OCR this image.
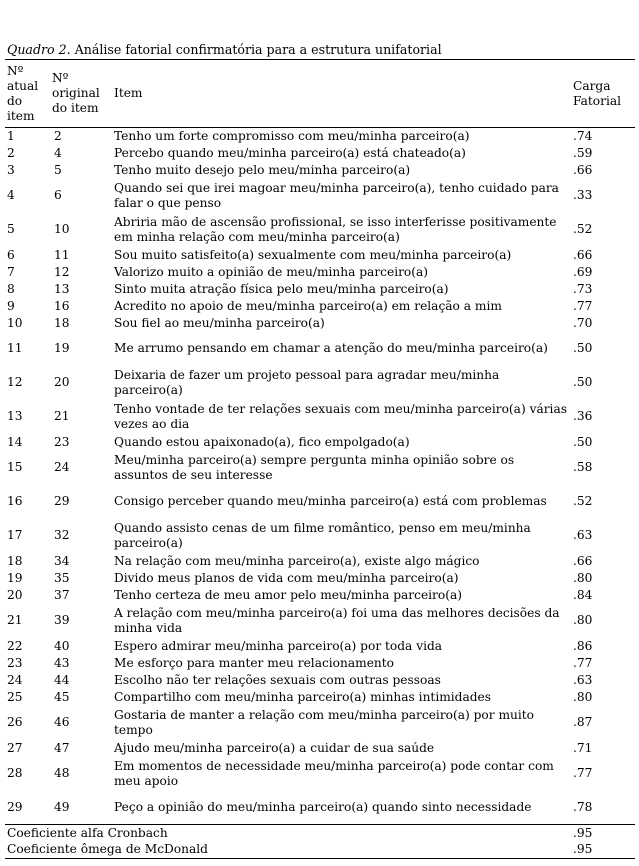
Quadro 2. Análise fatorial confirmatória para a estrutura unifatorial
Nº atual do item	Nº original do item	Item	Carga Fatorial
1	2	Tenho um forte compromisso com meu/minha parceiro(a)	.74
2	4	Percebo quando meu/minha parceiro(a) está chateado(a)	.59
3	5	Tenho muito desejo pelo meu/minha parceiro(a)	.66
4	6	Quando sei que irei magoar meu/minha parceiro(a), tenho cuidado para falar o que penso	.33
5	10	Abriria mão de ascensão profissional, se isso interferisse positivamente em minha relação com meu/minha parceiro(a)	.52
6	11	Sou muito satisfeito(a) sexualmente com meu/minha parceiro(a)	.66
7	12	Valorizo muito a opinião de meu/minha parceiro(a)	.69
8	13	Sinto muita atração física pelo meu/minha parceiro(a)	.73
9	16	Acredito no apoio de meu/minha parceiro(a) em relação a mim	.77
10	18	Sou fiel ao meu/minha parceiro(a)	.70
11	19	Me arrumo pensando em chamar a atenção do meu/minha parceiro(a)	.50
12	20	Deixaria de fazer um projeto pessoal para agradar meu/minha parceiro(a)	.50
13	21	Tenho vontade de ter relações sexuais com meu/minha parceiro(a) várias vezes ao dia	.36
14	23	Quando estou apaixonado(a), fico empolgado(a)	.50
15	24	Meu/minha parceiro(a) sempre pergunta minha opinião sobre os assuntos de seu interesse	.58
16	29	Consigo perceber quando meu/minha parceiro(a) está com problemas	.52
17	32	Quando assisto cenas de um filme romântico, penso em meu/minha parceiro(a)	.63
18	34	Na relação com meu/minha parceiro(a), existe algo mágico	.66
19	35	Divido meus planos de vida com meu/minha parceiro(a)	.80
20	37	Tenho certeza de meu amor pelo meu/minha parceiro(a)	.84
21	39	A relação com meu/minha parceiro(a) foi uma das melhores decisões da minha vida	.80
22	40	Espero admirar meu/minha parceiro(a) por toda vida	.86
23	43	Me esforço para manter meu relacionamento	.77
24	44	Escolho não ter relações sexuais com outras pessoas	.63
25	45	Compartilho com meu/minha parceiro(a) minhas intimidades	.80
26	46	Gostaria de manter a relação com meu/minha parceiro(a) por muito tempo	.87
27	47	Ajudo meu/minha parceiro(a) a cuidar de sua saúde	.71
28	48	Em momentos de necessidade meu/minha parceiro(a) pode contar com meu apoio	.77
29	49	Peço a opinião do meu/minha parceiro(a) quando sinto necessidade	.78
Coeficiente alfa Cronbach			.95
Coeficiente ômega de McDonald			.95
